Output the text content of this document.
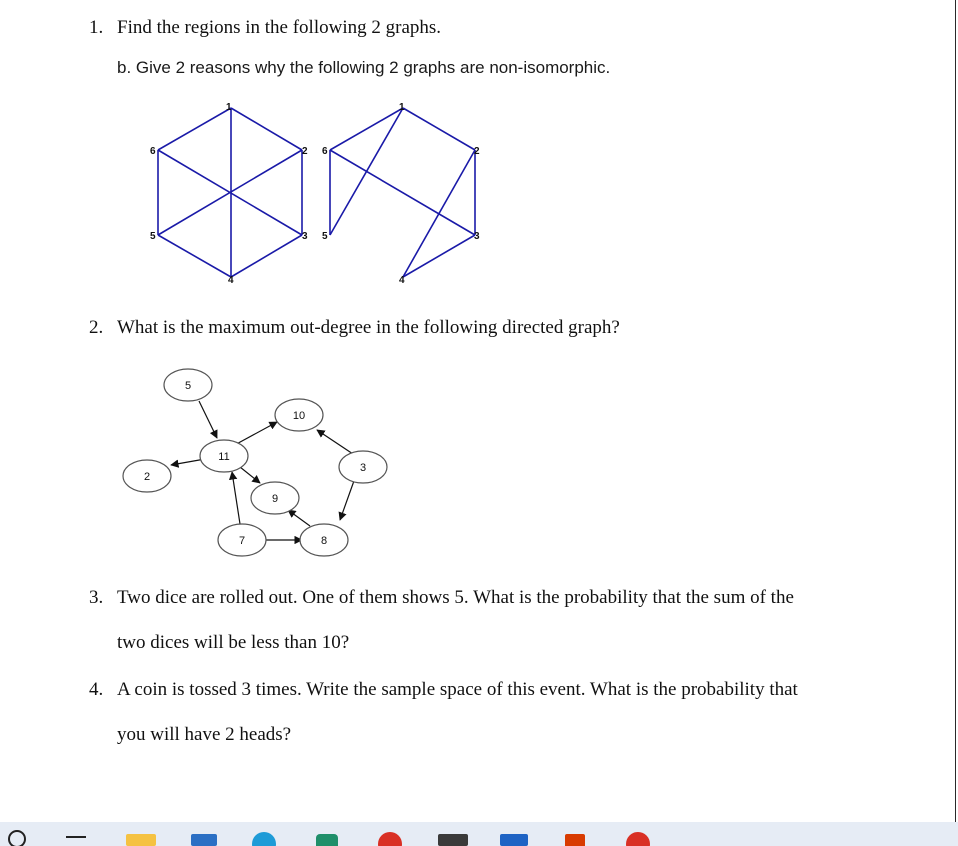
1. Find the regions in the following 2 graphs.
b. Give 2 reasons why the following 2 graphs are non-isomorphic.
1
2
3
4
5
6
1
2
3
4
5
6
2. What is the maximum out-degree in the following directed graph?
5
10
11
3
2
9
7	8
3. Two dice are rolled out. One of them shows 5. What is the probability that the sum of the
two dices will be less than 10?
4. A coin is tossed 3 times. Write the sample space of this event. What is the probability that
you will have 2 heads?
